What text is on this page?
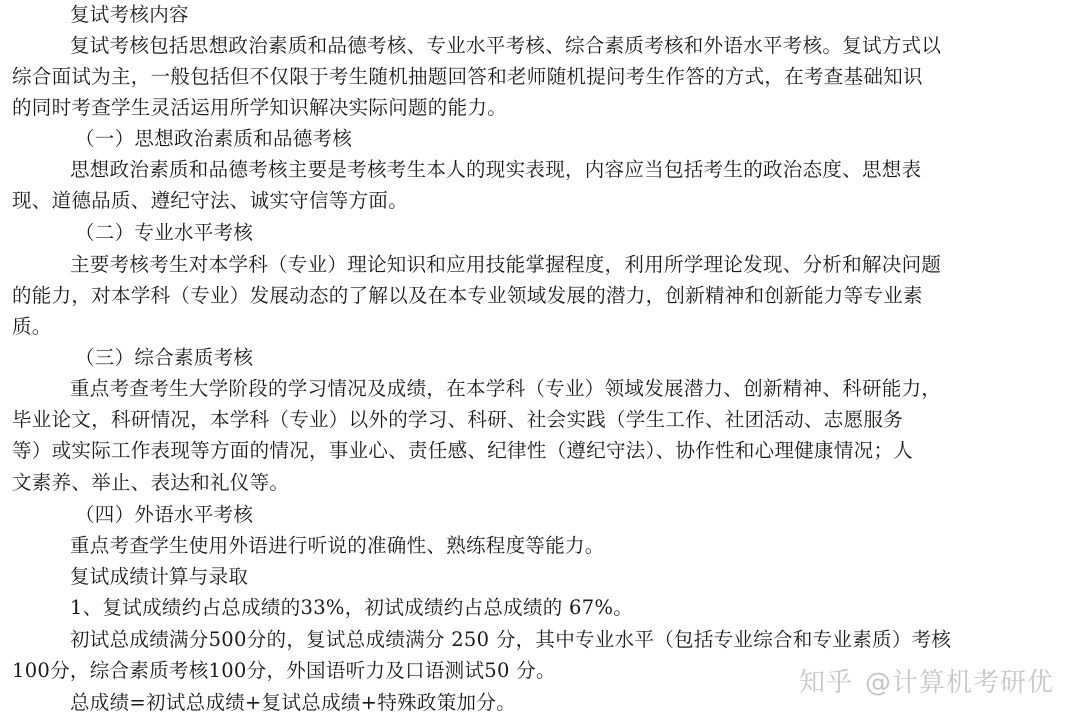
复试考核内容
复试考核包括思想政治素质和品德考核、专业水平考核、综合素质考核和外语水平考核。复试方式以
综合面试为主，一般包括但不仅限于考生随机抽题回答和老师随机提问考生作答的方式，在考查基础知识
的同时考查学生灵活运用所学知识解决实际问题的能力。
（一）思想政治素质和品德考核
思想政治素质和品德考核主要是考核考生本人的现实表现，内容应当包括考生的政治态度、思想表
现、道德品质、遵纪守法、诚实守信等方面。
（二）专业水平考核
主要考核考生对本学科（专业）理论知识和应用技能掌握程度，利用所学理论发现、分析和解决问题
的能力，对本学科（专业）发展动态的了解以及在本专业领域发展的潜力，创新精神和创新能力等专业素
质。
（三）综合素质考核
重点考查考生大学阶段的学习情况及成绩，在本学科（专业）领域发展潜力、创新精神、科研能力，
毕业论文，科研情况，本学科（专业）以外的学习、科研、社会实践（学生工作、社团活动、志愿服务
等）或实际工作表现等方面的情况，事业心、责任感、纪律性（遵纪守法）、协作性和心理健康情况；人
文素养、举止、表达和礼仪等。
（四）外语水平考核
重点考查学生使用外语进行听说的准确性、熟练程度等能力。
复试成绩计算与录取
1、复试成绩约占总成绩的33%，初试成绩约占总成绩的 67%。
初试总成绩满分500分的，复试总成绩满分 250 分，其中专业水平（包括专业综合和专业素质）考核
100分，综合素质考核100分，外国语听力及口语测试50 分。
总成绩=初试总成绩+复试总成绩+特殊政策加分。
知乎 @计算机考研优
